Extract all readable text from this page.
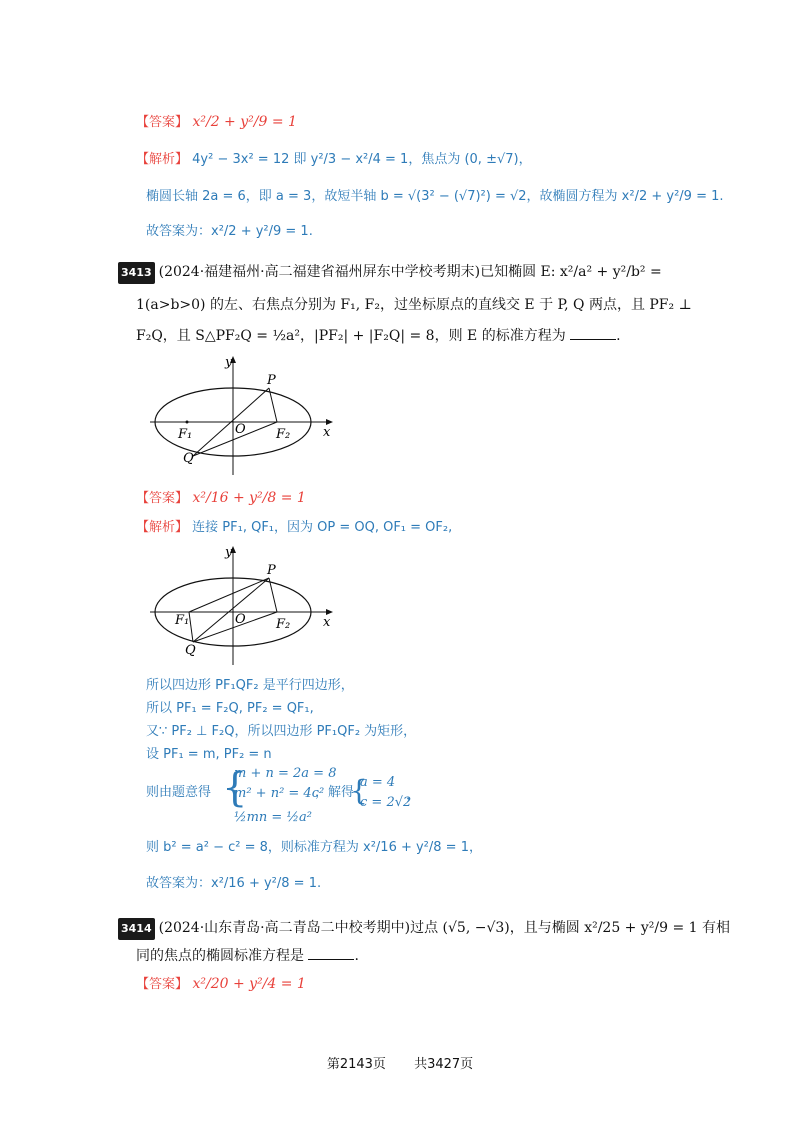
【答案】 x²/2 + y²/9 = 1
【解析】 4y² − 3x² = 12 即 y²/3 − x²/4 = 1，焦点为 (0, ±√7)，
椭圆长轴 2a = 6，即 a = 3，故短半轴 b = √(3² − (√7)²) = √2，故椭圆方程为 x²/2 + y²/9 = 1.
故答案为：x²/2 + y²/9 = 1.
3413 (2024·福建福州·高二福建省福州屏东中学校考期末)已知椭圆 E: x²/a² + y²/b² =
1(a>b>0) 的左、右焦点分别为 F₁, F₂，过坐标原点的直线交 E 于 P, Q 两点，且 PF₂ ⊥
F₂Q，且 S△PF₂Q = ½a²，|PF₂| + |F₂Q| = 8，则 E 的标准方程为	.
y
x
P
Q
O
F₁	F₂
【答案】 x²/16 + y²/8 = 1
【解析】 连接 PF₁, QF₁，因为 OP = OQ, OF₁ = OF₂,
y
x
P
Q
O
F₁	F₂
所以四边形 PF₁QF₂ 是平行四边形，
所以 PF₁ = F₂Q, PF₂ = QF₁,
又∵ PF₂ ⊥ F₂Q，所以四边形 PF₁QF₂ 为矩形，
设 PF₁ = m, PF₂ = n
则由题意得 {
m + n = 2a = 8
m² + n² = 4c²
½mn = ½a²
，解得
{
a = 4
c = 2√2
，
则 b² = a² − c² = 8，则标准方程为 x²/16 + y²/8 = 1，
故答案为：x²/16 + y²/8 = 1.
3414 (2024·山东青岛·高二青岛二中校考期中)过点 (√5, −√3)，且与椭圆 x²/25 + y²/9 = 1 有相
同的焦点的椭圆标准方程是	.
【答案】 x²/20 + y²/4 = 1
第2143页 共3427页
